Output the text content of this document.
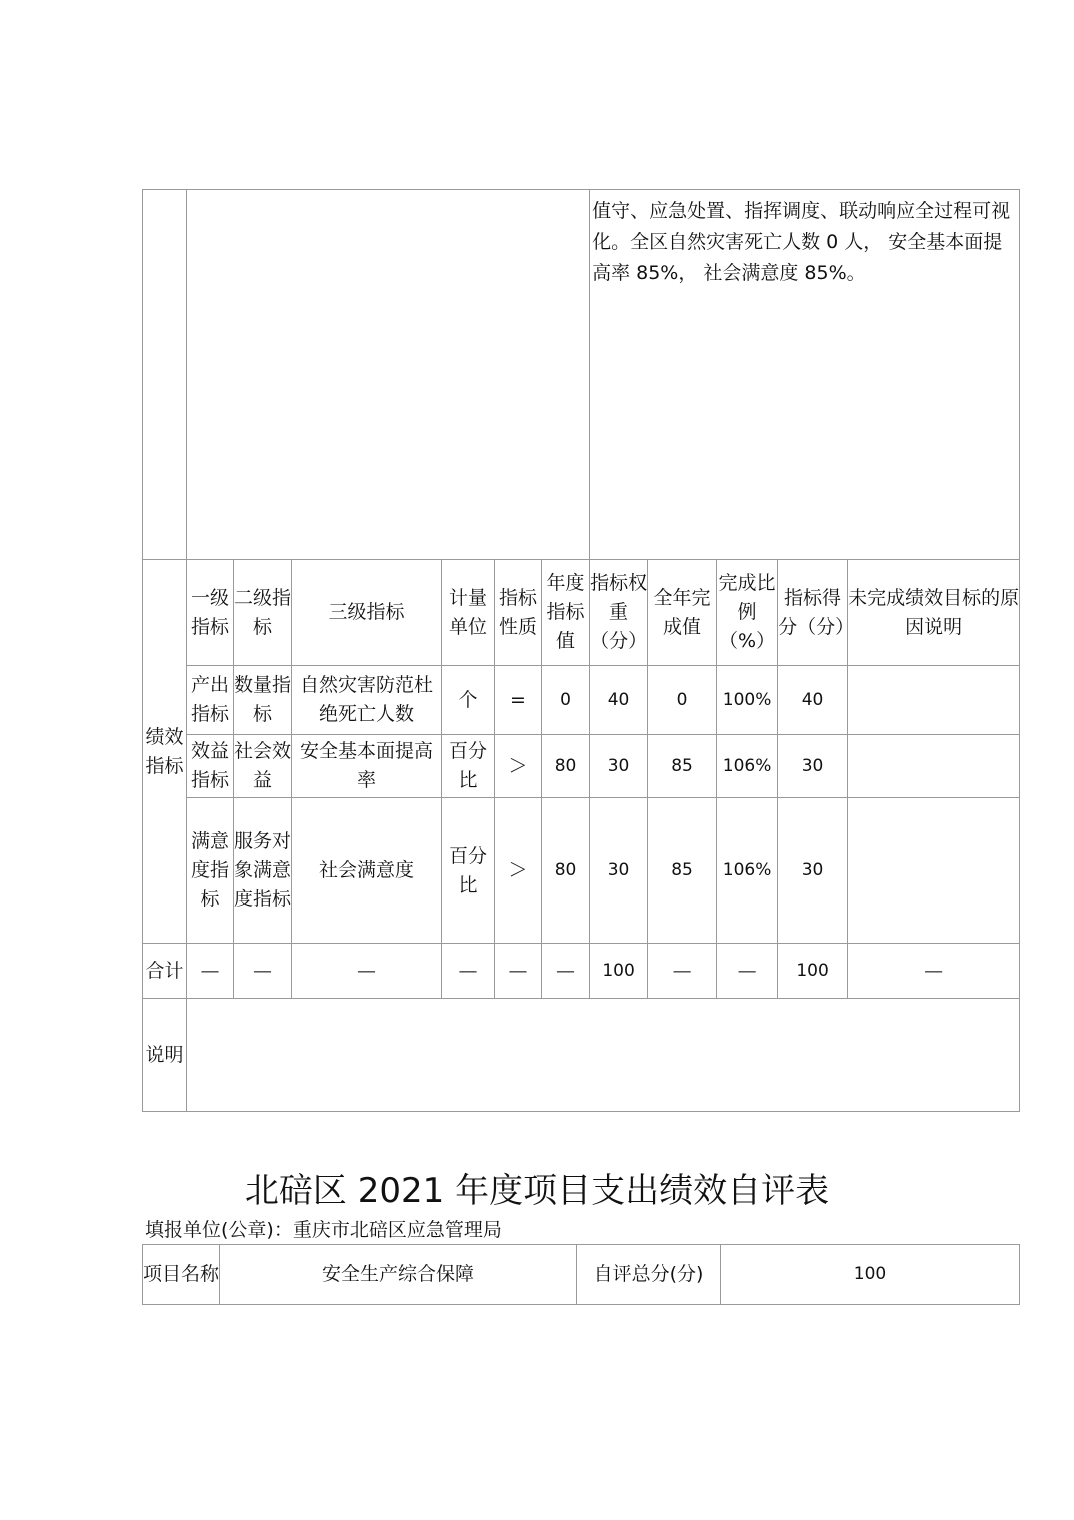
							值守、应急处置、指挥调度、联动响应全过程可视化。全区自然灾害死亡人数 0 人， 安全基本面提高率 85%， 社会满意度 85%。				
绩效指标	一级指标	二级指标	三级指标	计量单位	指标性质	年度指标值	指标权重（分）	全年完成值	完成比例（%）	指标得分（分）	未完成绩效目标的原因说明
	产出指标	数量指标	自然灾害防范杜绝死亡人数	个	=	0	40	0	100%	40	
	效益指标	社会效益	安全基本面提高率	百分比	＞	80	30	85	106%	30	
	满意度指标	服务对象满意度指标	社会满意度	百分比	＞	80	30	85	106%	30	
合计	—	—	—	—	—	—	100	—	—	100	—
说明											
北碚区 2021 年度项目支出绩效自评表
填报单位(公章)：重庆市北碚区应急管理局
项目名称	安全生产综合保障	自评总分(分)	100
